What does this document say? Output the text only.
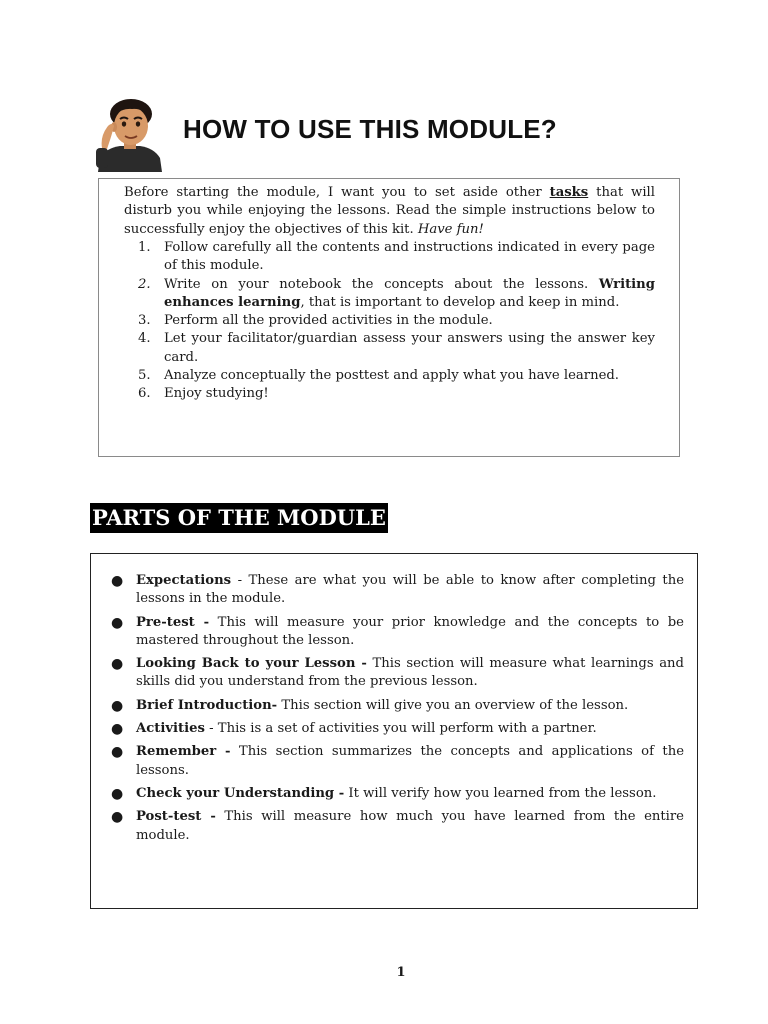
HOW TO USE THIS MODULE?

Before starting the module, I want you to set aside other tasks that will disturb you while enjoying the lessons. Read the simple instructions below to successfully enjoy the objectives of this kit. Have fun!

1. Follow carefully all the contents and instructions indicated in every page of this module.
2. Write on your notebook the concepts about the lessons. Writing enhances learning, that is important to develop and keep in mind.
3. Perform all the provided activities in the module.
4. Let your facilitator/guardian assess your answers using the answer key card.
5. Analyze conceptually the posttest and apply what you have learned.
6. Enjoy studying!
PARTS OF THE MODULE
● Expectations - These are what you will be able to know after completing the lessons in the module.
● Pre-test - This will measure your prior knowledge and the concepts to be mastered throughout the lesson.
● Looking Back to your Lesson - This section will measure what learnings and skills did you understand from the previous lesson.
● Brief Introduction- This section will give you an overview of the lesson.
● Activities - This is a set of activities you will perform with a partner.
● Remember - This section summarizes the concepts and applications of the lessons.
● Check your Understanding - It will verify how you learned from the lesson.
● Post-test - This will measure how much you have learned from the entire module.

1
